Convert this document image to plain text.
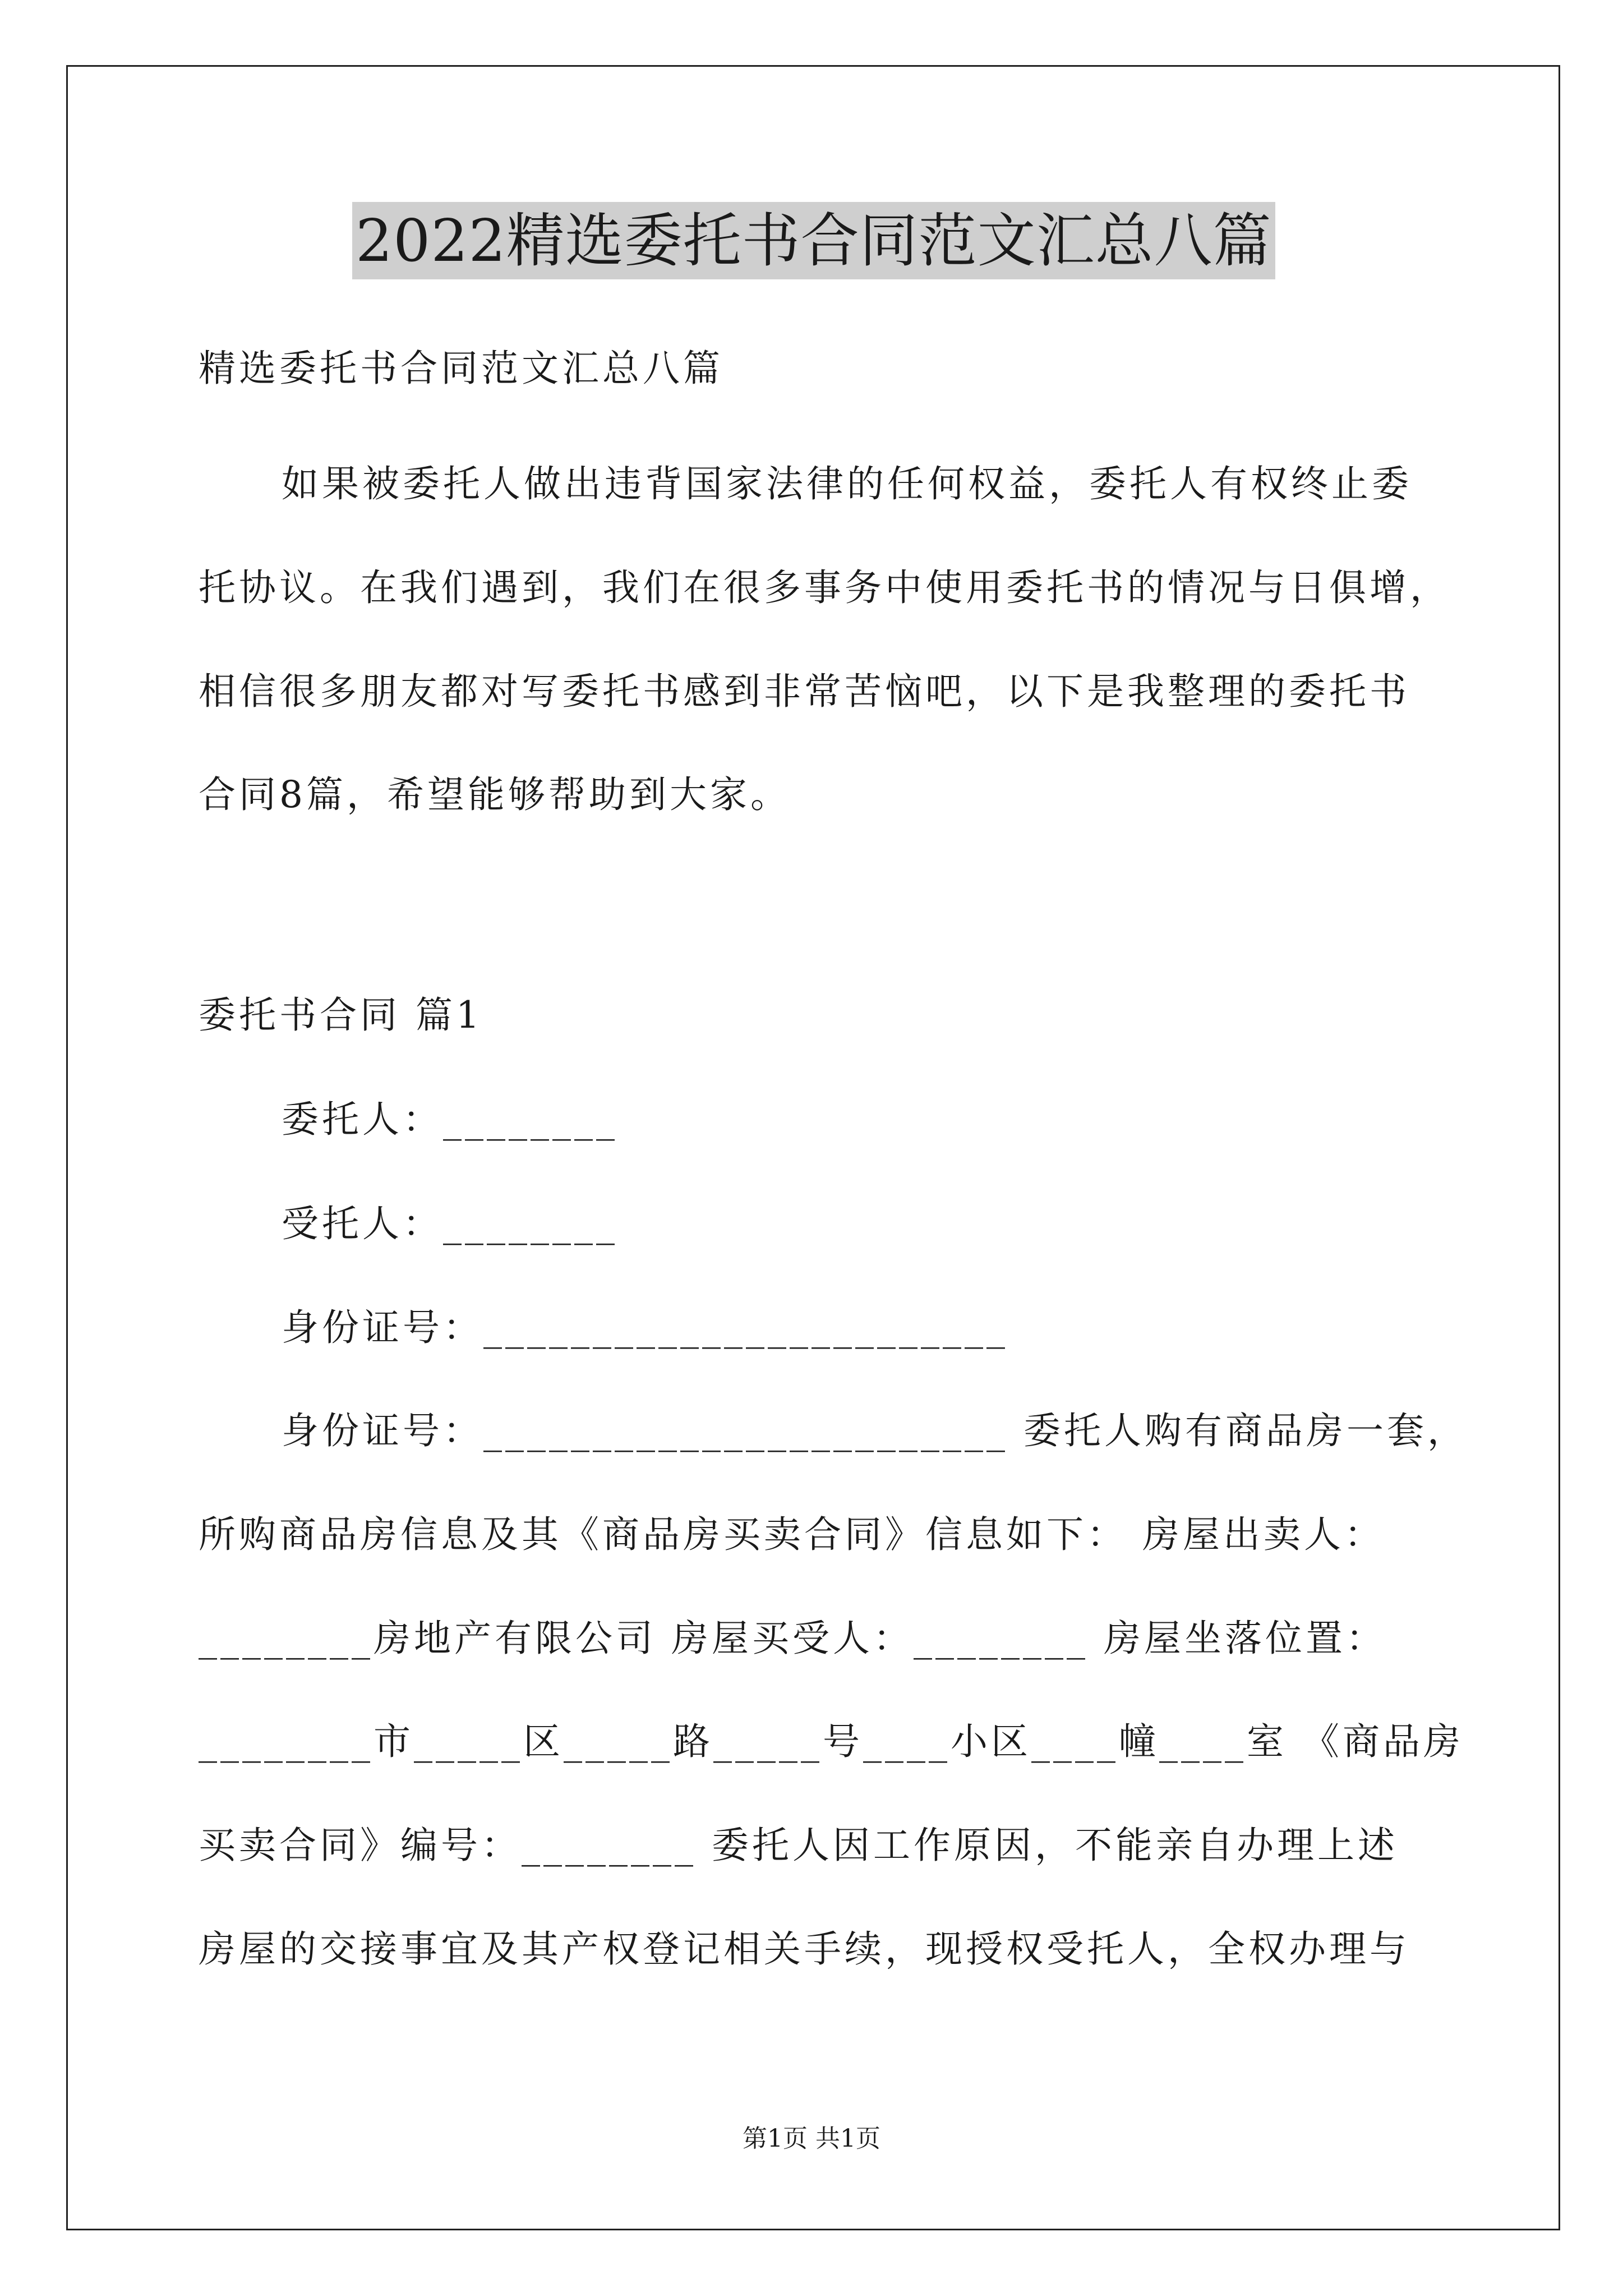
2022精选委托书合同范文汇总八篇
精选委托书合同范文汇总八篇
如果被委托人做出违背国家法律的任何权益，委托人有权终止委
托协议。在我们遇到，我们在很多事务中使用委托书的情况与日俱增，
相信很多朋友都对写委托书感到非常苦恼吧，以下是我整理的委托书
合同8篇，希望能够帮助到大家。
委托书合同 篇1
委托人：________
受托人：________
身份证号：________________________
身份证号：________________________ 委托人购有商品房一套，
所购商品房信息及其《商品房买卖合同》信息如下： 房屋出卖人：
________房地产有限公司 房屋买受人：________ 房屋坐落位置：
________市_____区_____路_____号____小区____幢____室 《商品房
买卖合同》编号：________ 委托人因工作原因，不能亲自办理上述
房屋的交接事宜及其产权登记相关手续，现授权受托人，全权办理与
第1页 共1页
